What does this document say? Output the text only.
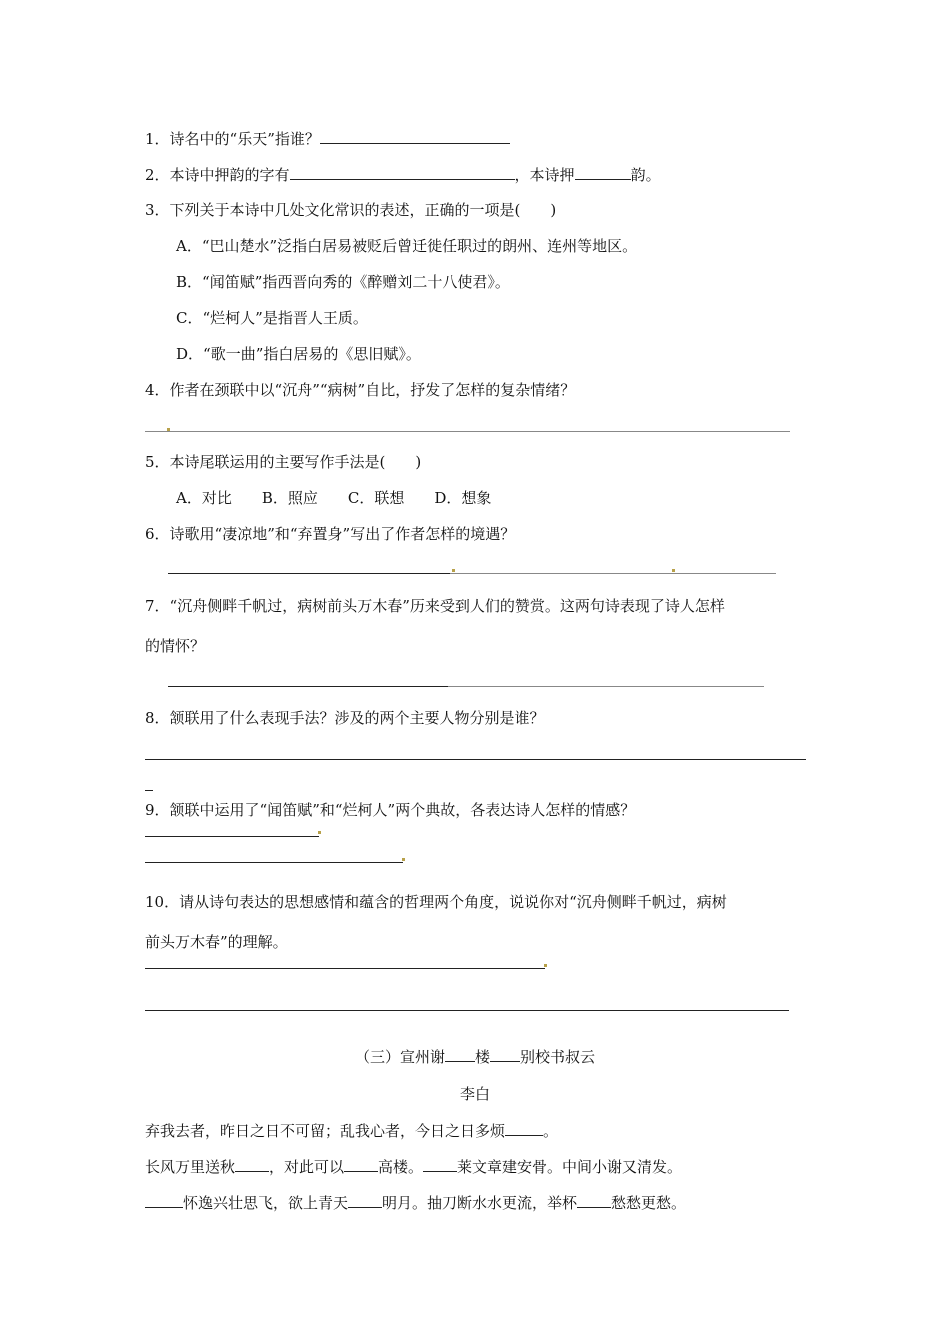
1．诗名中的“乐天”指谁？
2．本诗中押韵的字有	，本诗押	韵。
3．下列关于本诗中几处文化常识的表述，正确的一项是(　　)
A．“巴山楚水”泛指白居易被贬后曾迁徙任职过的朗州、连州等地区。
B．“闻笛赋”指西晋向秀的《醉赠刘二十八使君》。
C．“烂柯人”是指晋人王质。
D．“歌一曲”指白居易的《思旧赋》。
4．作者在颈联中以“沉舟”“病树”自比，抒发了怎样的复杂情绪？
5．本诗尾联运用的主要写作手法是(　　)
A．对比　　B．照应　　C．联想　　D．想象
6．诗歌用“凄凉地”和“弃置身”写出了作者怎样的境遇？
7．“沉舟侧畔千帆过，病树前头万木春”历来受到人们的赞赏。这两句诗表现了诗人怎样
的情怀？
8．颔联用了什么表现手法？涉及的两个主要人物分别是谁？
9．颔联中运用了“闻笛赋”和“烂柯人”两个典故，各表达诗人怎样的情感？
10．请从诗句表达的思想感情和蕴含的哲理两个角度，说说你对“沉舟侧畔千帆过，病树
前头万木春”的理解。
（三）宣州谢 楼 别校书叔云
李白
弃我去者，昨日之日不可留；乱我心者，今日之日多烦	。
长风万里送秋 ，对此可以 高楼。 莱文章建安骨。中间小谢又清发。
怀逸兴壮思飞，欲上青天 明月。抽刀断水水更流，举杯 愁愁更愁。
